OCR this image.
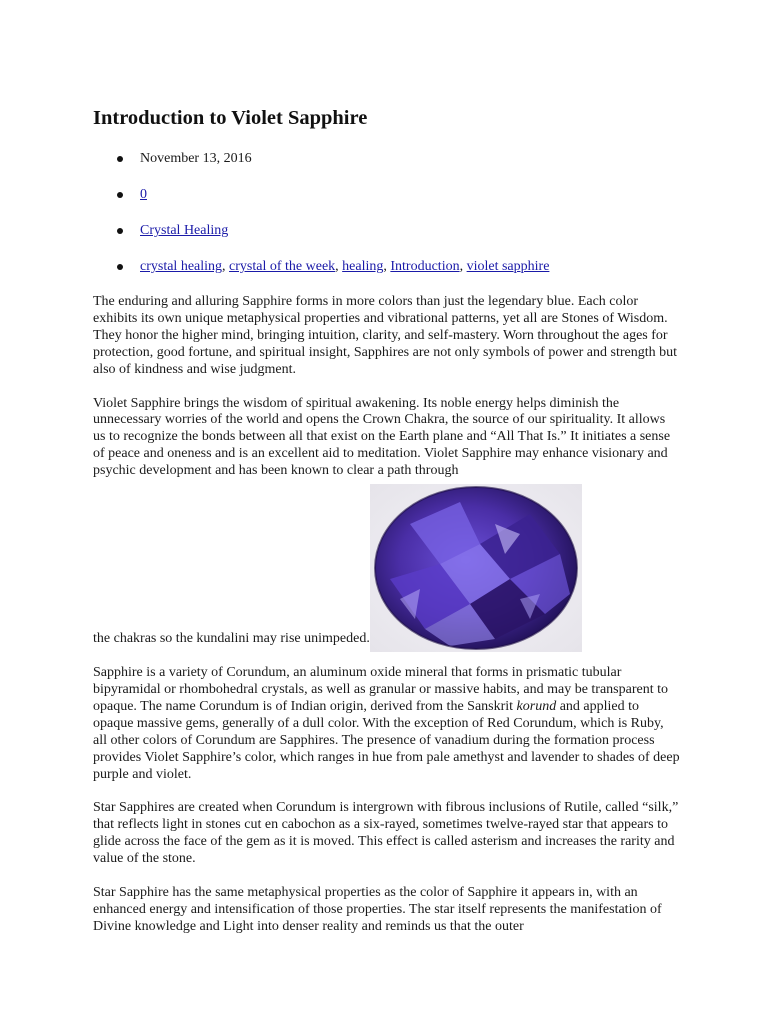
Introduction to Violet Sapphire
November 13, 2016
0
Crystal Healing
crystal healing, crystal of the week, healing, Introduction, violet sapphire

The enduring and alluring Sapphire forms in more colors than just the legendary blue. Each color exhibits its own unique metaphysical properties and vibrational patterns, yet all are Stones of Wisdom. They honor the higher mind, bringing intuition, clarity, and self-mastery. Worn throughout the ages for protection, good fortune, and spiritual insight, Sapphires are not only symbols of power and strength but also of kindness and wise judgment.

Violet Sapphire brings the wisdom of spiritual awakening. Its noble energy helps diminish the unnecessary worries of the world and opens the Crown Chakra, the source of our spirituality. It allows us to recognize the bonds between all that exist on the Earth plane and “All That Is.” It initiates a sense of peace and oneness and is an excellent aid to meditation. Violet Sapphire may enhance visionary and psychic development and has been known to clear a path through
the chakras so the kundalini may rise unimpeded.

Sapphire is a variety of Corundum, an aluminum oxide mineral that forms in prismatic tubular bipyramidal or rhombohedral crystals, as well as granular or massive habits, and may be transparent to opaque. The name Corundum is of Indian origin, derived from the Sanskrit korund and applied to opaque massive gems, generally of a dull color. With the exception of Red Corundum, which is Ruby, all other colors of Corundum are Sapphires. The presence of vanadium during the formation process provides Violet Sapphire’s color, which ranges in hue from pale amethyst and lavender to shades of deep purple and violet.

Star Sapphires are created when Corundum is intergrown with fibrous inclusions of Rutile, called “silk,” that reflects light in stones cut en cabochon as a six-rayed, sometimes twelve-rayed star that appears to glide across the face of the gem as it is moved. This effect is called asterism and increases the rarity and value of the stone.

Star Sapphire has the same metaphysical properties as the color of Sapphire it appears in, with an enhanced energy and intensification of those properties. The star itself represents the manifestation of Divine knowledge and Light into denser reality and reminds us that the outer
